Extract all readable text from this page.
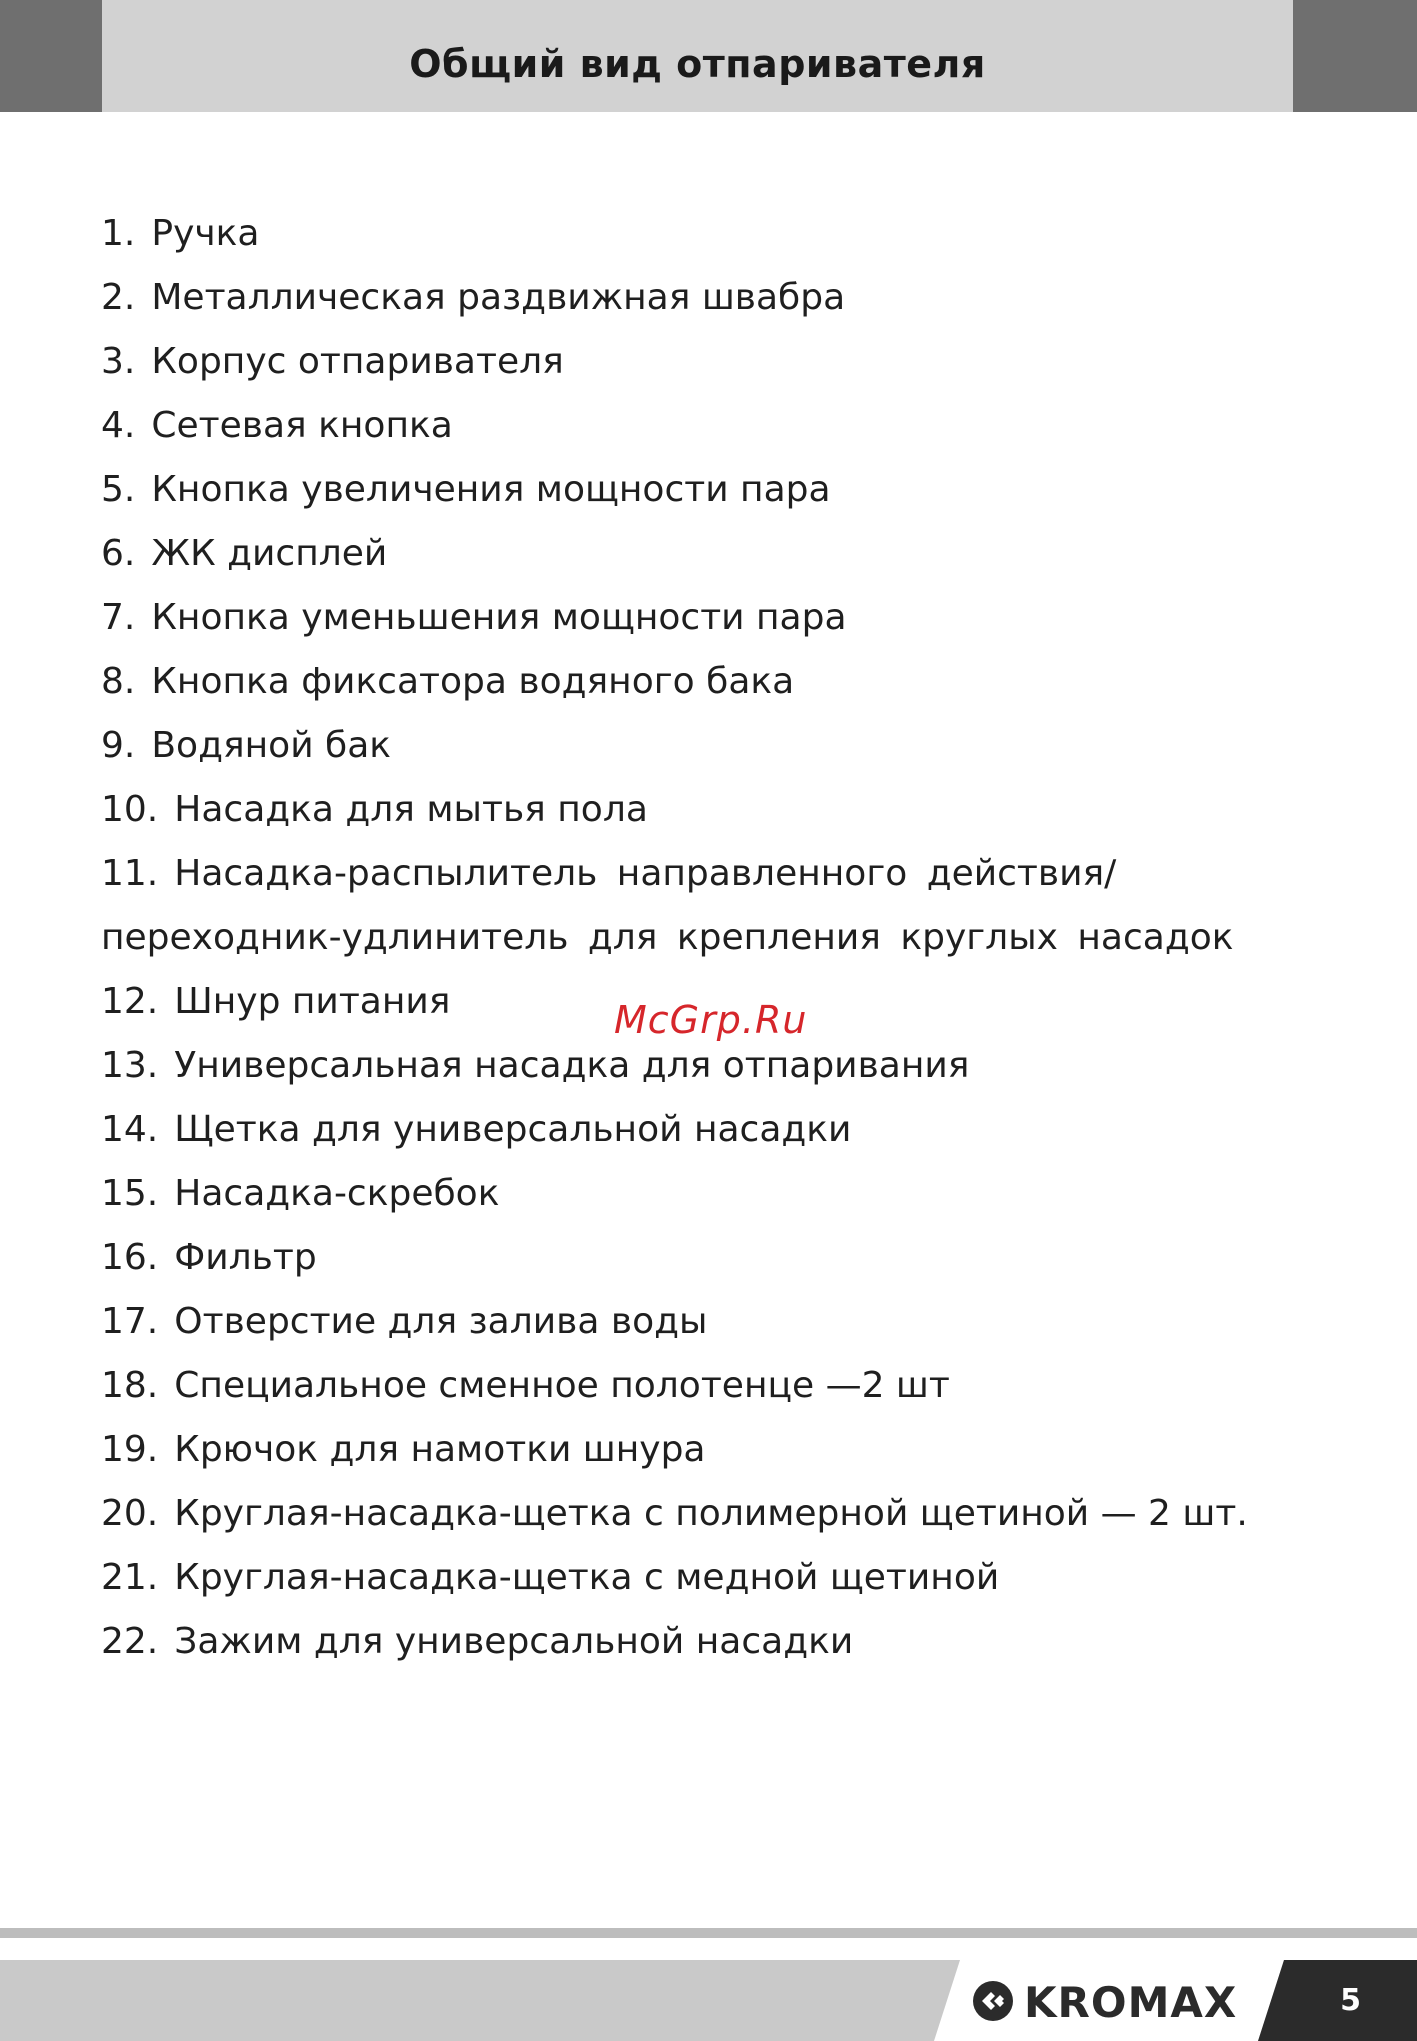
Общий вид отпаривателя
1. Ручка
2. Металлическая раздвижная швабра
3. Корпус отпаривателя
4. Сетевая кнопка
5. Кнопка увеличения мощности пара
6. ЖК дисплей
7. Кнопка уменьшения мощности пара
8. Кнопка фиксатора водяного бака
9. Водяной бак
10. Насадка для мытья пола
11. Насадка-распылитель направленного действия/переходник-удлинитель для крепления круглых насадок
12. Шнур питания
13. Универсальная насадка для отпаривания
14. Щетка для универсальной насадки
15. Насадка-скребок
16. Фильтр
17. Отверстие для залива воды
18. Специальное сменное полотенце —2 шт
19. Крючок для намотки шнура
20. Круглая-насадка-щетка с полимерной щетиной — 2 шт.
21. Круглая-насадка-щетка с медной щетиной
22. Зажим для универсальной насадки
McGrp.Ru
KROMAX	5
